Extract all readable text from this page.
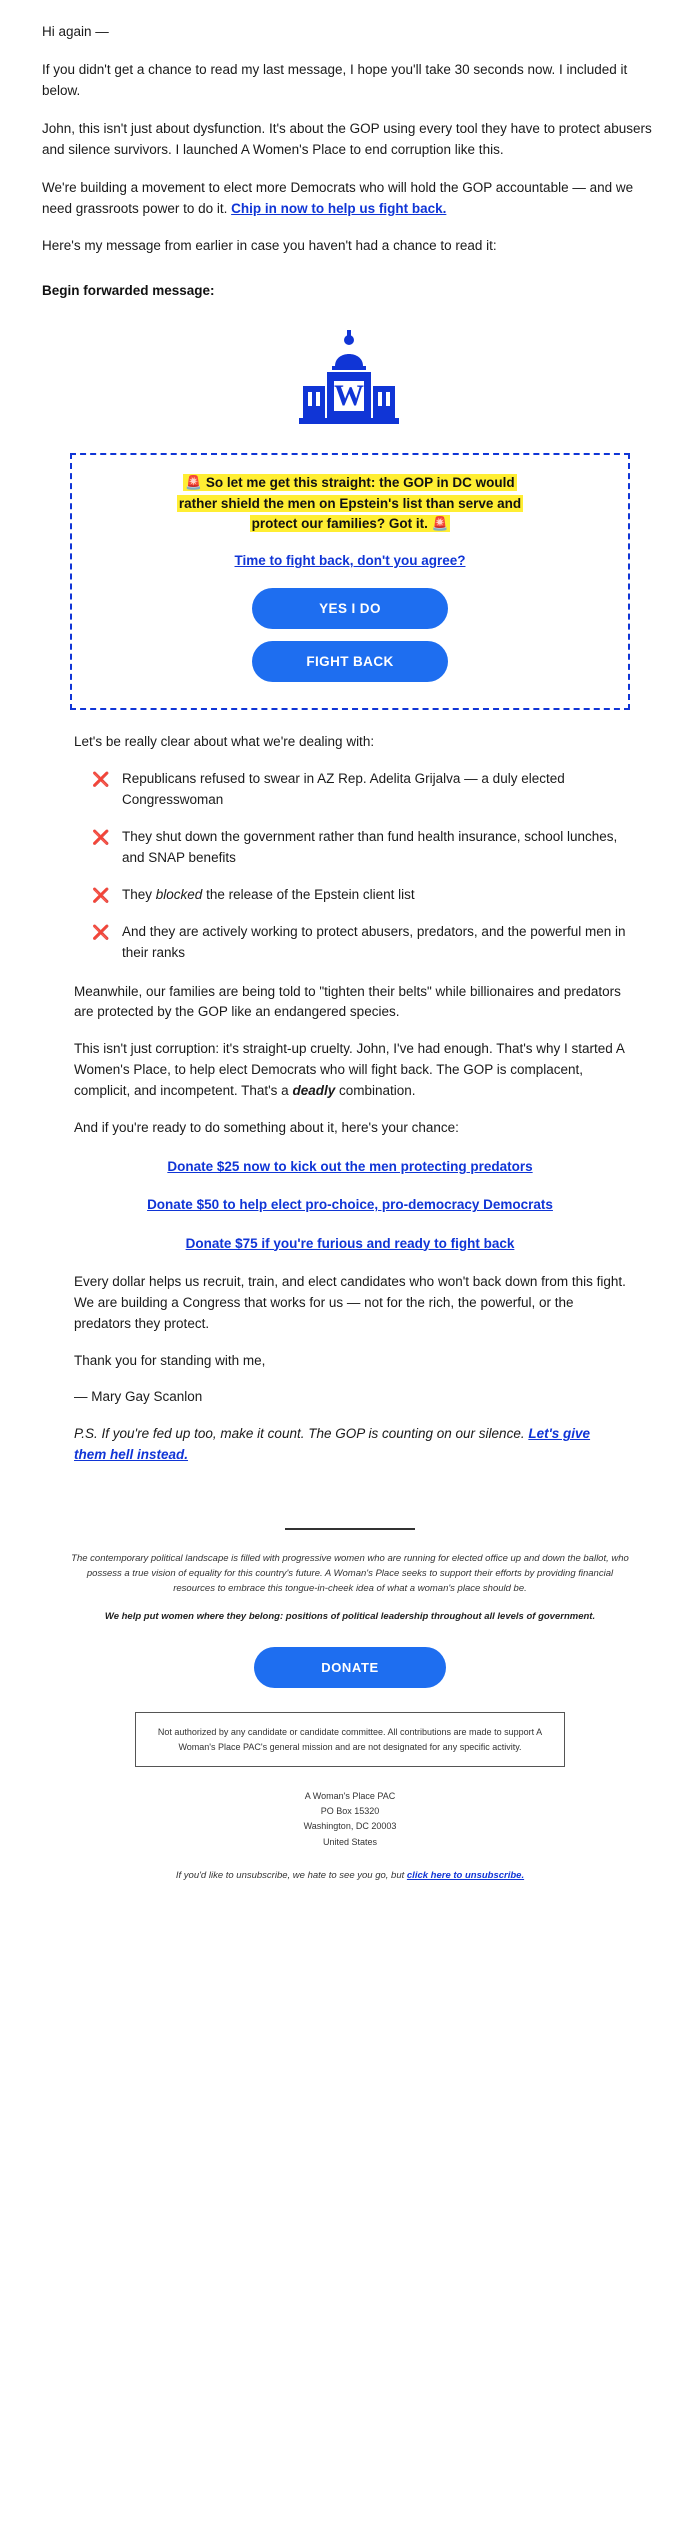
Hi again —

If you didn't get a chance to read my last message, I hope you'll take 30 seconds now. I included it below.

John, this isn't just about dysfunction. It's about the GOP using every tool they have to protect abusers and silence survivors. I launched A Women's Place to end corruption like this.

We're building a movement to elect more Democrats who will hold the GOP accountable — and we need grassroots power to do it. Chip in now to help us fight back.

Here's my message from earlier in case you haven't had a chance to read it:

Begin forwarded message:
W
🚨 So let me get this straight: the GOP in DC would
rather shield the men on Epstein's list than serve and
protect our families? Got it. 🚨
Time to fight back, don't you agree?
YES I DO
FIGHT BACK

Let's be really clear about what we're dealing with:

❌ Republicans refused to swear in AZ Rep. Adelita Grijalva — a duly elected Congresswoman
❌ They shut down the government rather than fund health insurance, school lunches, and SNAP benefits
❌ They blocked the release of the Epstein client list
❌ And they are actively working to protect abusers, predators, and the powerful men in their ranks

Meanwhile, our families are being told to "tighten their belts" while billionaires and predators are protected by the GOP like an endangered species.

This isn't just corruption: it's straight-up cruelty. John, I've had enough. That's why I started A Women's Place, to help elect Democrats who will fight back. The GOP is complacent, complicit, and incompetent. That's a deadly combination.

And if you're ready to do something about it, here's your chance:

Donate $25 now to kick out the men protecting predators
Donate $50 to help elect pro-choice, pro-democracy Democrats
Donate $75 if you're furious and ready to fight back

Every dollar helps us recruit, train, and elect candidates who won't back down from this fight. We are building a Congress that works for us — not for the rich, the powerful, or the predators they protect.

Thank you for standing with me,

— Mary Gay Scanlon

P.S. If you're fed up too, make it count. The GOP is counting on our silence. Let's give them hell instead.

The contemporary political landscape is filled with progressive women who are running for elected office up and down the ballot, who possess a true vision of equality for this country's future. A Woman's Place seeks to support their efforts by providing financial resources to embrace this tongue-in-cheek idea of what a woman's place should be.

We help put women where they belong: positions of political leadership throughout all levels of government.

DONATE
Not authorized by any candidate or candidate committee. All contributions are made to support A Woman's Place PAC's general mission and are not designated for any specific activity.
A Woman's Place PAC
PO Box 15320
Washington, DC 20003
United States
If you'd like to unsubscribe, we hate to see you go, but click here to unsubscribe.
